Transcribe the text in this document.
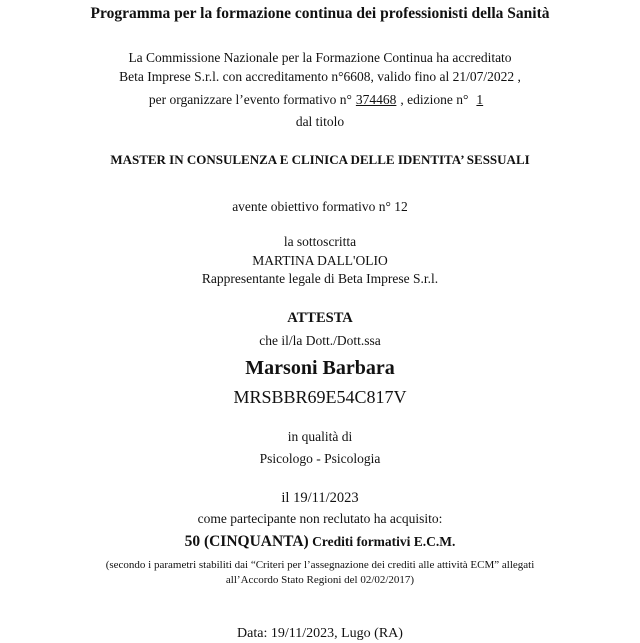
Programma per la formazione continua dei professionisti della Sanità
La Commissione Nazionale per la Formazione Continua ha accreditato
Beta Imprese S.r.l. con accreditamento n°6608, valido fino al 21/07/2022 ,
per organizzare l’evento formativo n° 374468 , edizione n° 1
dal titolo
MASTER IN CONSULENZA E CLINICA DELLE IDENTITA’ SESSUALI
avente obiettivo formativo n° 12
la sottoscritta
MARTINA DALL'OLIO
Rappresentante legale di Beta Imprese S.r.l.
ATTESTA
che il/la Dott./Dott.ssa
Marsoni Barbara
MRSBBR69E54C817V
in qualità di
Psicologo - Psicologia
il 19/11/2023
come partecipante non reclutato ha acquisito:
50 (CINQUANTA) Crediti formativi E.C.M.
(secondo i parametri stabiliti dai “Criteri per l’assegnazione dei crediti alle attività ECM” allegati
all’Accordo Stato Regioni del 02/02/2017)
Data: 19/11/2023, Lugo (RA)
